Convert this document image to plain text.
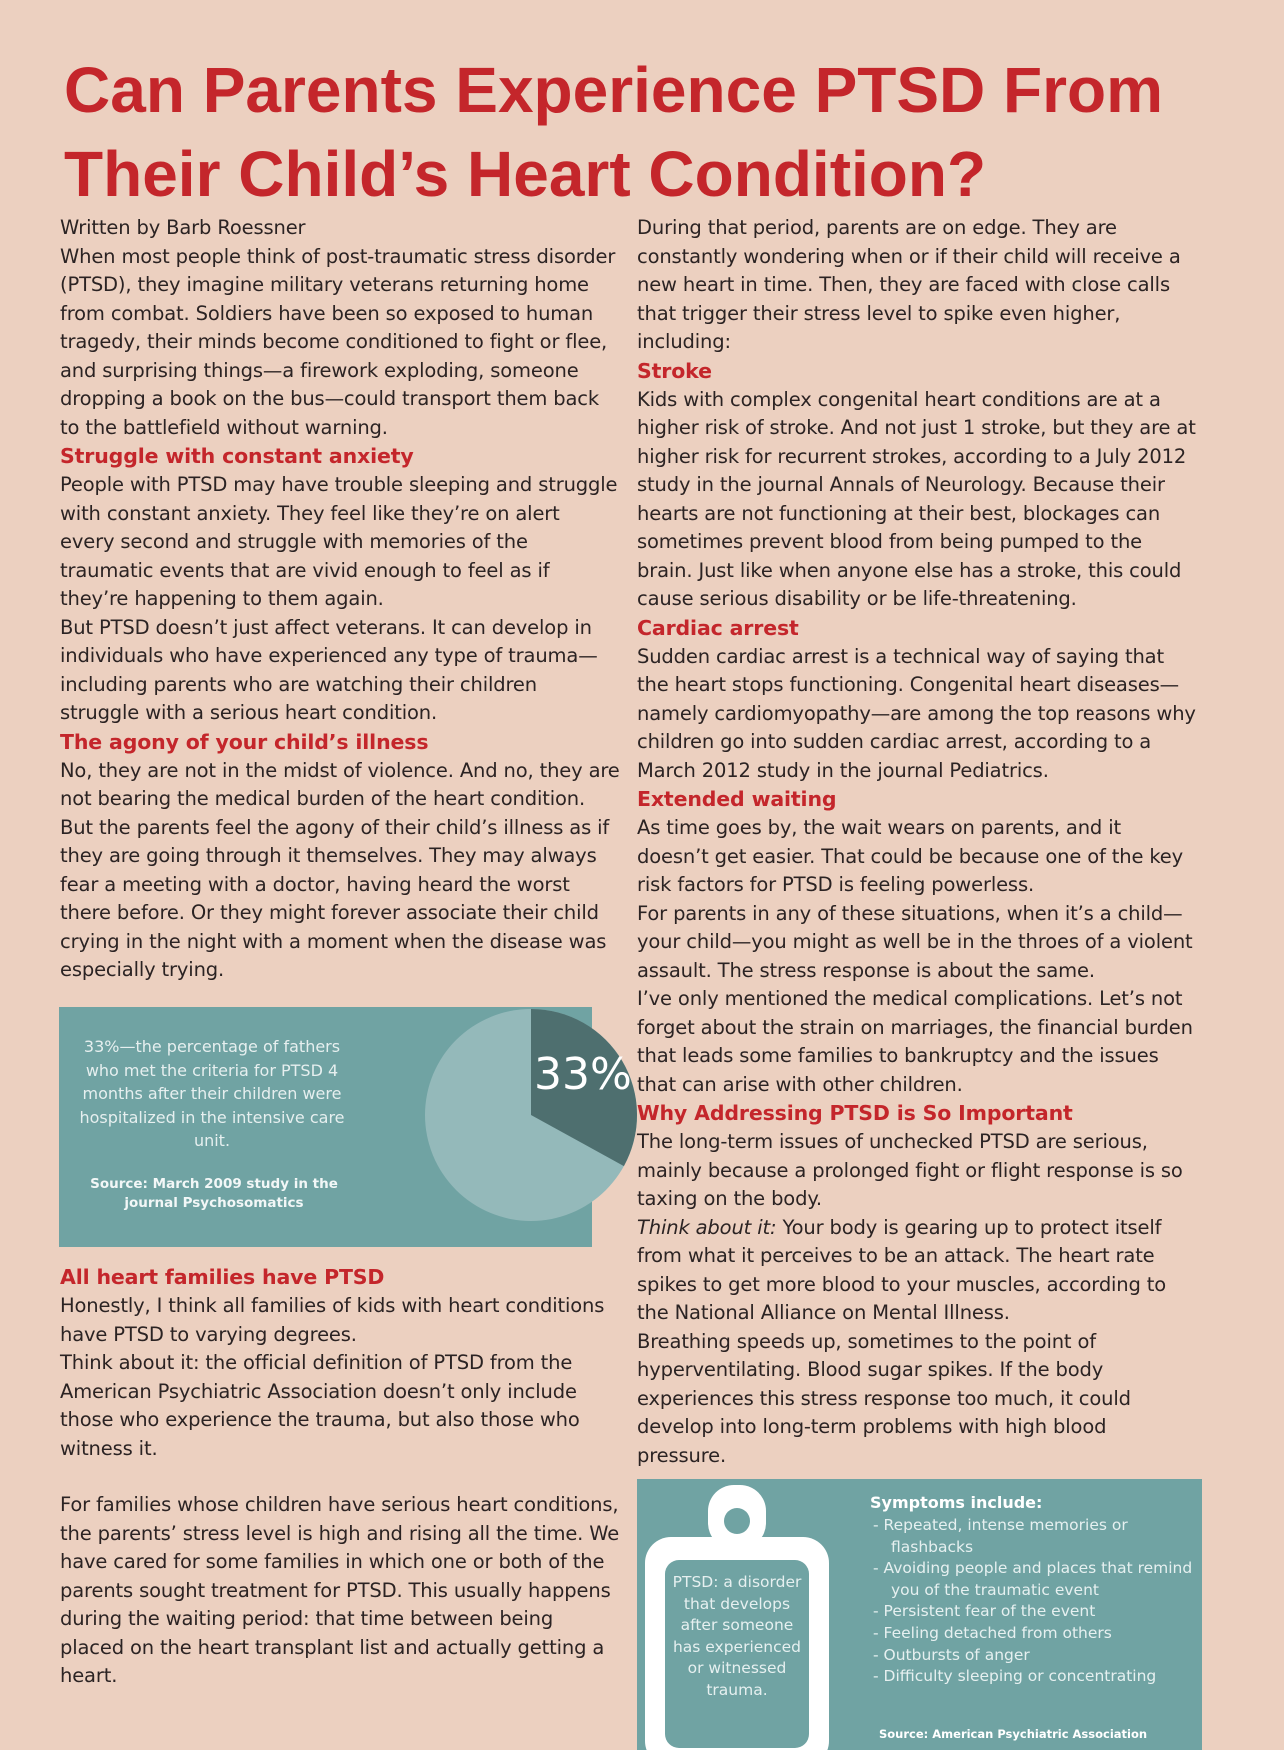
Can Parents Experience PTSD From
Their Child’s Heart Condition?

Written by Barb Roessner

When most people think of post-traumatic stress disorder (PTSD), they imagine military veterans returning home from combat. Soldiers have been so exposed to human tragedy, their minds become conditioned to fight or flee, and surprising things—a firework exploding, someone dropping a book on the bus—could transport them back to the battlefield without warning.

Struggle with constant anxiety

People with PTSD may have trouble sleeping and struggle with constant anxiety. They feel like they’re on alert every second and struggle with memories of the traumatic events that are vivid enough to feel as if they’re happening to them again.

But PTSD doesn’t just affect veterans. It can develop in individuals who have experienced any type of trauma—including parents who are watching their children struggle with a serious heart condition.

The agony of your child’s illness

No, they are not in the midst of violence. And no, they are not bearing the medical burden of the heart condition. But the parents feel the agony of their child’s illness as if they are going through it themselves. They may always fear a meeting with a doctor, having heard the worst there before. Or they might forever associate their child crying in the night with a moment when the disease was especially trying.

33%—the percentage of fathers who met the criteria for PTSD 4 months after their children were hospitalized in the intensive care unit.
Source: March 2009 study in the journal Psychosomatics
33%
All heart families have PTSD

Honestly, I think all families of kids with heart conditions have PTSD to varying degrees.

Think about it: the official definition of PTSD from the American Psychiatric Association doesn’t only include those who experience the trauma, but also those who witness it.

For families whose children have serious heart conditions, the parents’ stress level is high and rising all the time. We have cared for some families in which one or both of the parents sought treatment for PTSD. This usually happens during the waiting period: that time between being placed on the heart transplant list and actually getting a heart.

During that period, parents are on edge. They are constantly wondering when or if their child will receive a new heart in time. Then, they are faced with close calls that trigger their stress level to spike even higher, including:

Stroke

Kids with complex congenital heart conditions are at a higher risk of stroke. And not just 1 stroke, but they are at higher risk for recurrent strokes, according to a July 2012 study in the journal Annals of Neurology. Because their hearts are not functioning at their best, blockages can sometimes prevent blood from being pumped to the brain. Just like when anyone else has a stroke, this could cause serious disability or be life-threatening.

Cardiac arrest

Sudden cardiac arrest is a technical way of saying that the heart stops functioning. Congenital heart diseases—namely cardiomyopathy—are among the top reasons why children go into sudden cardiac arrest, according to a March 2012 study in the journal Pediatrics.

Extended waiting

As time goes by, the wait wears on parents, and it doesn’t get easier. That could be because one of the key risk factors for PTSD is feeling powerless.

For parents in any of these situations, when it’s a child—your child—you might as well be in the throes of a violent assault. The stress response is about the same.

I’ve only mentioned the medical complications. Let’s not forget about the strain on marriages, the financial burden that leads some families to bankruptcy and the issues that can arise with other children.

Why Addressing PTSD is So Important

The long-term issues of unchecked PTSD are serious, mainly because a prolonged fight or flight response is so taxing on the body.

Think about it: Your body is gearing up to protect itself from what it perceives to be an attack. The heart rate spikes to get more blood to your muscles, according to the National Alliance on Mental Illness.

Breathing speeds up, sometimes to the point of hyperventilating. Blood sugar spikes. If the body experiences this stress response too much, it could develop into long-term problems with high blood pressure.

PTSD: a disorder that develops after someone has experienced or witnessed trauma.
Symptoms include:
- Repeated, intense memories or flashbacks
- Avoiding people and places that remind you of the traumatic event
- Persistent fear of the event
- Feeling detached from others
- Outbursts of anger
- Difficulty sleeping or concentrating
Source: American Psychiatric Association
